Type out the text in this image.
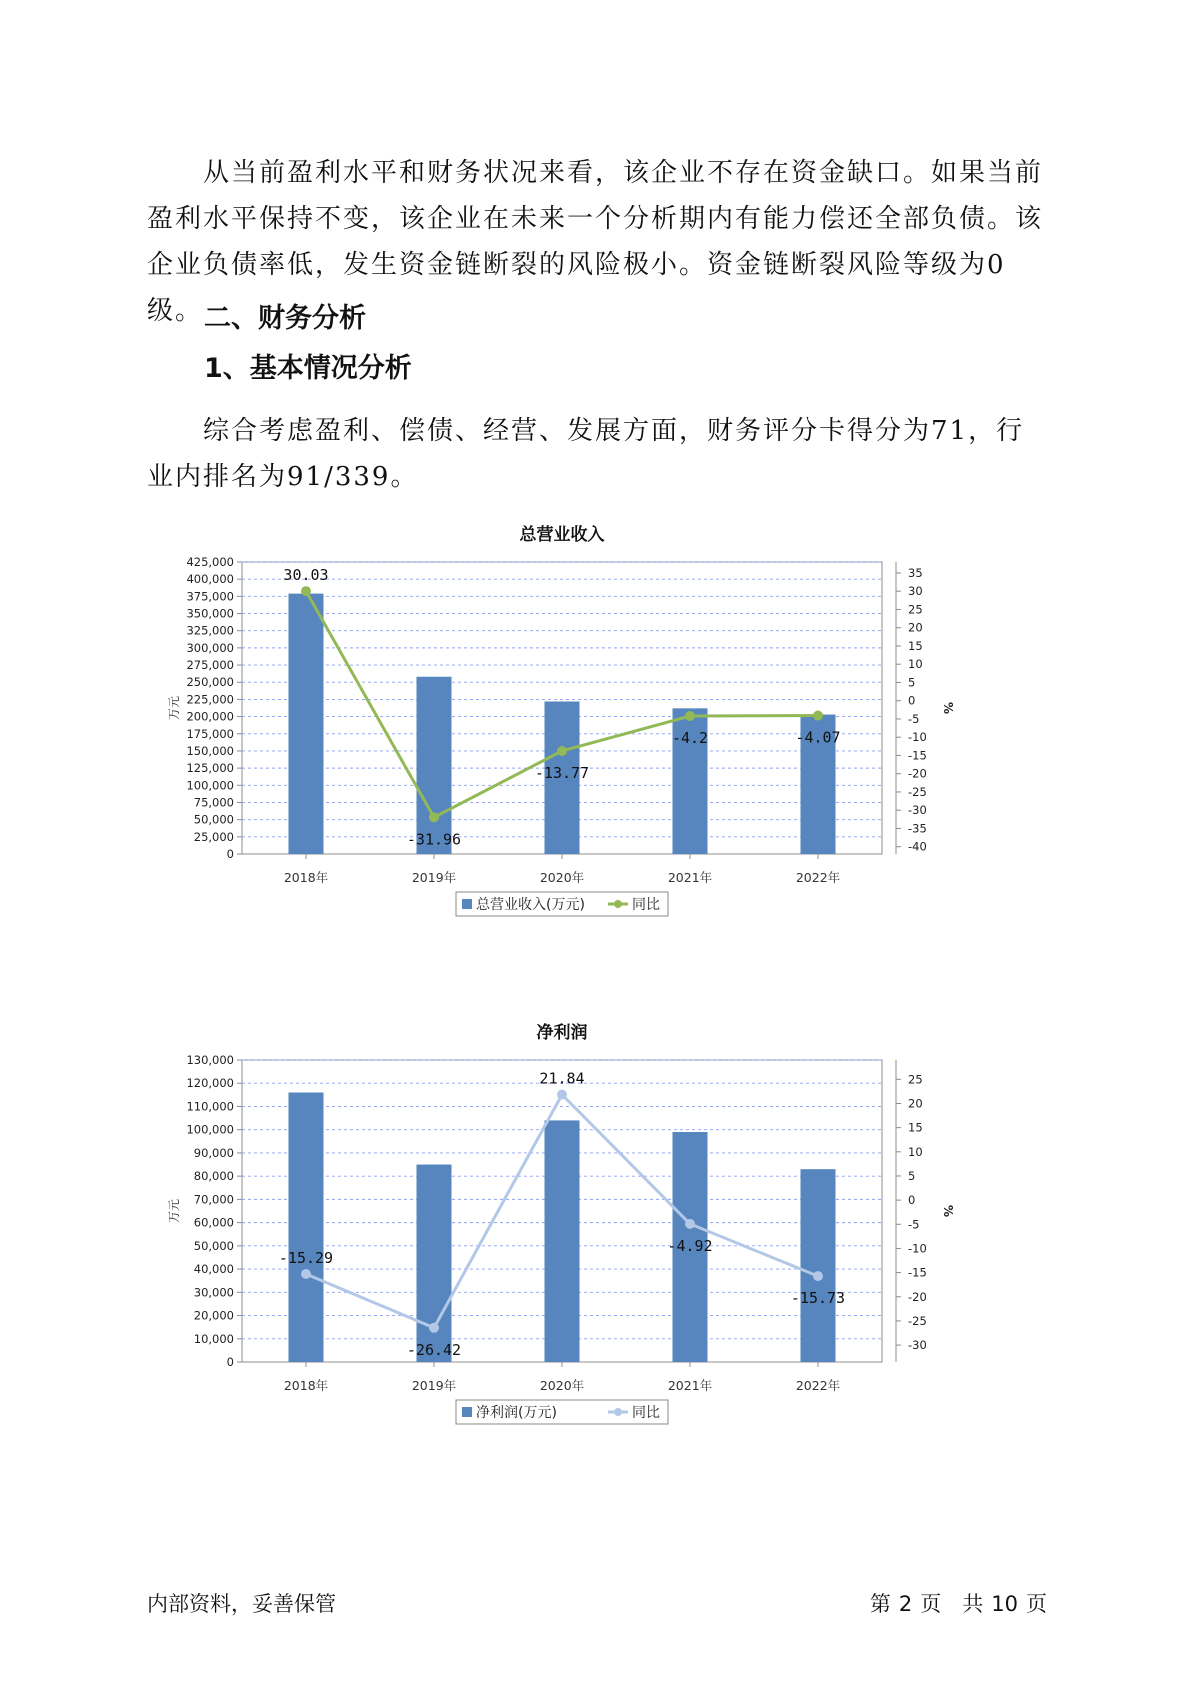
从当前盈利水平和财务状况来看，该企业不存在资金缺口。如果当前盈利水平保持不变，该企业在未来一个分析期内有能力偿还全部负债。该企业负债率低，发生资金链断裂的风险极小。资金链断裂风险等级为0级。 二、财务分析
1、基本情况分析

综合考虑盈利、偿债、经营、发展方面，财务评分卡得分为71，行业内排名为91/339。

总营业收入
0
25,000
50,000
75,000
100,000
125,000
150,000
175,000
200,000
225,000
250,000
275,000
300,000
325,000
350,000
375,000
400,000
425,000
-40
-35
-30
-25
-20
-15
-10
-5
0
5
10
15
20
25
30
35
万元	%
2018年	2019年	2020年	2021年	2022年
30.03
-31.96
-13.77
-4.2	-4.07
总营业收入(万元)	同比
净利润
0
10,000
20,000
30,000
40,000
50,000
60,000
70,000
80,000
90,000
100,000
110,000
120,000
130,000
-30
-25
-20
-15
-10
-5
0
5
10
15
20
25
万元	%
2018年	2019年	2020年	2021年	2022年
-15.29
-26.42
21.84
-4.92
-15.73
净利润(万元)	同比
内部资料，妥善保管	第 2 页　共 10 页
